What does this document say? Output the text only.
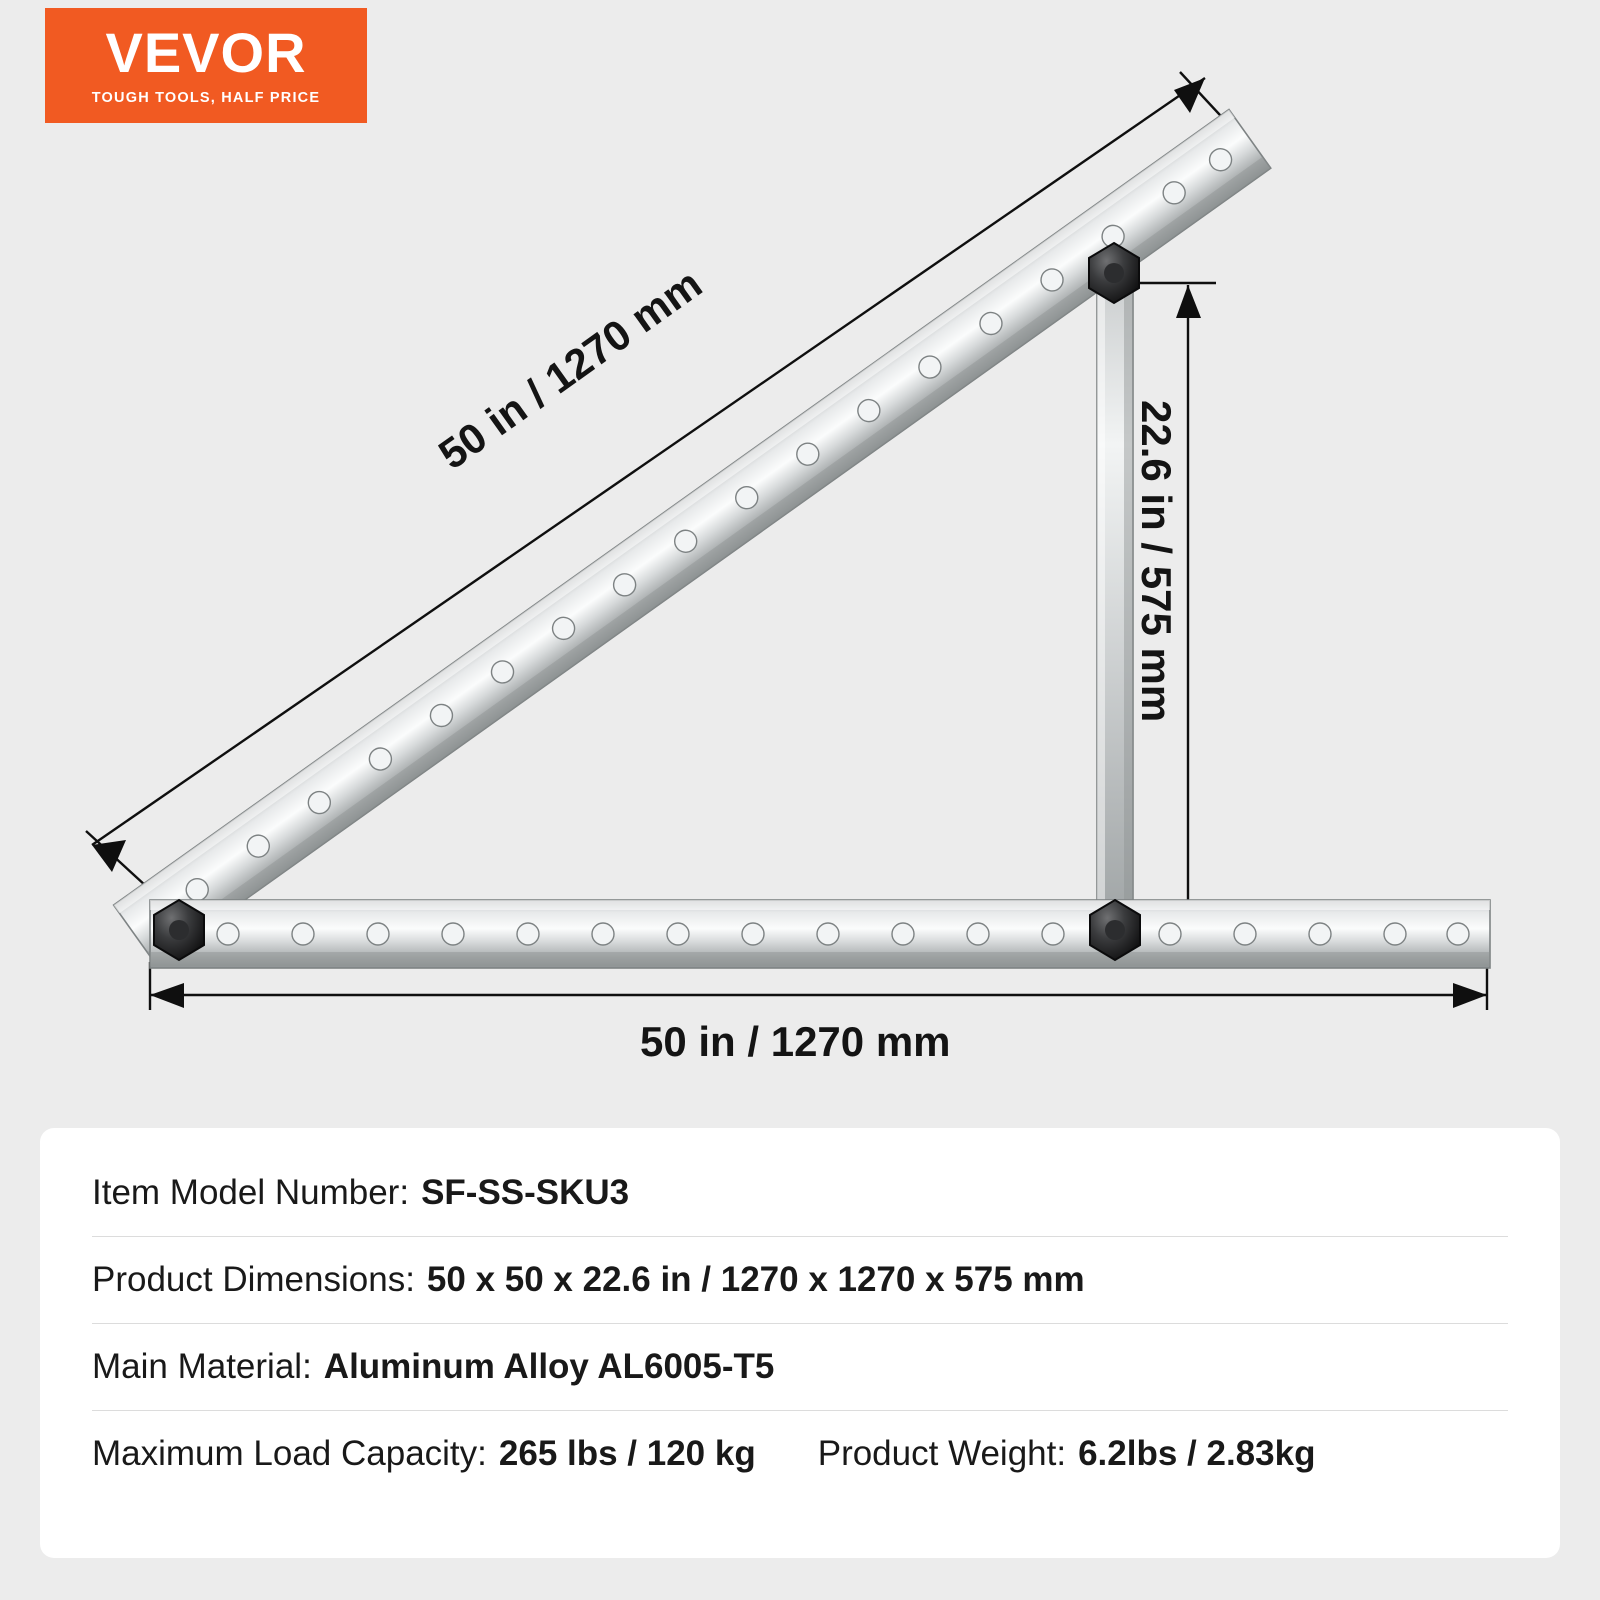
VEVOR
TOUGH TOOLS, HALF PRICE
50 in / 1270 mm
22.6 in / 575 mm
50 in / 1270 mm
Item Model Number: SF-SS-SKU3
Product Dimensions: 50 x 50 x 22.6 in / 1270 x 1270 x 575 mm
Main Material: Aluminum Alloy AL6005-T5
Maximum Load Capacity: 265 lbs / 120 kg Product Weight: 6.2lbs / 2.83kg
